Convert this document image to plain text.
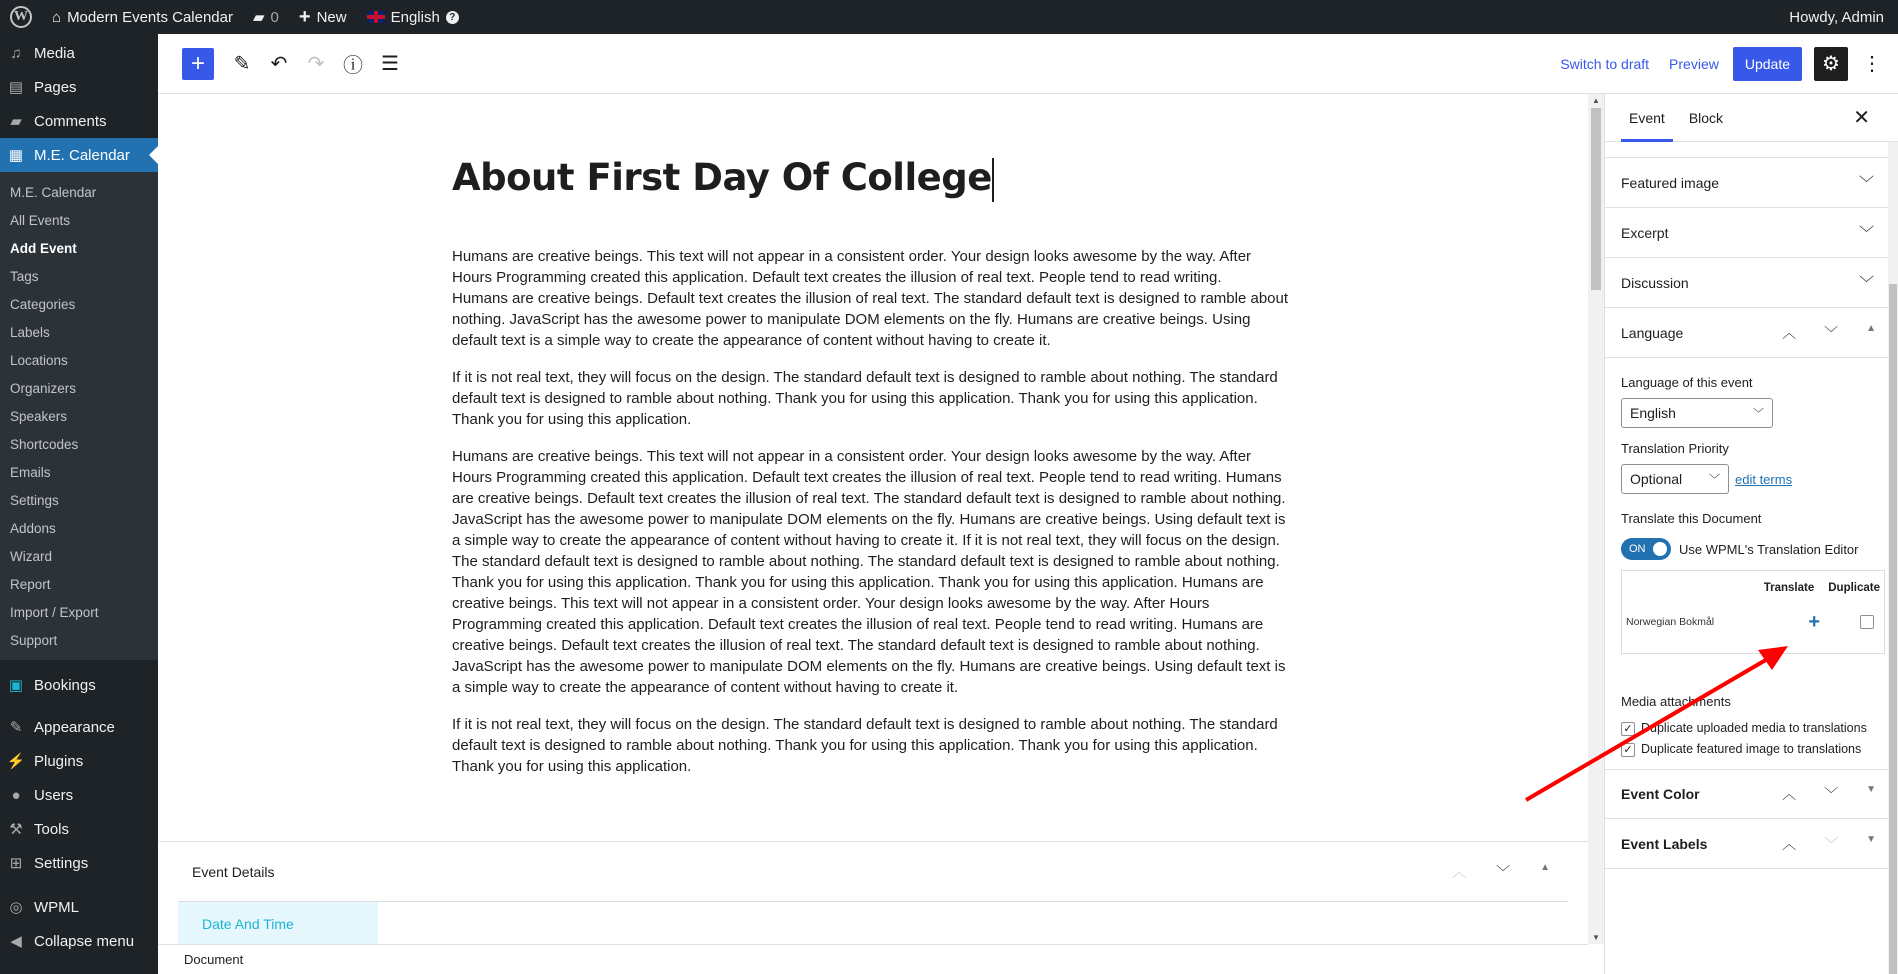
W ⌂ Modern Events Calendar ▰ 0 + New	English ?	Howdy, Admin
♫ Media
▤ Pages
▰ Comments
▦ M.E. Calendar
M.E. Calendar
All Events
Add Event
Tags
Categories
Labels
Locations
Organizers
Speakers
Shortcodes
Emails
Settings
Addons
Wizard
Report
Import / Export
Support
▣ Bookings
✎ Appearance
⚡ Plugins
● Users
⚒ Tools
⊞ Settings
◎ WPML
◀ Collapse menu
+ ✎ ↶ ↷ ⓘ ☰	Switch to draft	Preview	Update	⚙	⋮
About First Day Of College

Humans are creative beings. This text will not appear in a consistent order. Your design looks awesome by the way. After Hours Programming created this application. Default text creates the illusion of real text. People tend to read writing.
Humans are creative beings. Default text creates the illusion of real text. The standard default text is designed to ramble about nothing. JavaScript has the awesome power to manipulate DOM elements on the fly. Humans are creative beings. Using default text is a simple way to create the appearance of content without having to create it.

If it is not real text, they will focus on the design. The standard default text is designed to ramble about nothing. The standard default text is designed to ramble about nothing. Thank you for using this application. Thank you for using this application. Thank you for using this application.

Humans are creative beings. This text will not appear in a consistent order. Your design looks awesome by the way. After Hours Programming created this application. Default text creates the illusion of real text. People tend to read writing. Humans are creative beings. Default text creates the illusion of real text. The standard default text is designed to ramble about nothing. JavaScript has the awesome power to manipulate DOM elements on the fly. Humans are creative beings. Using default text is a simple way to create the appearance of content without having to create it. If it is not real text, they will focus on the design. The standard default text is designed to ramble about nothing. The standard default text is designed to ramble about nothing. Thank you for using this application. Thank you for using this application. Thank you for using this application. Humans are creative beings. This text will not appear in a consistent order. Your design looks awesome by the way. After Hours Programming created this application. Default text creates the illusion of real text. People tend to read writing. Humans are creative beings. Default text creates the illusion of real text. The standard default text is designed to ramble about nothing. JavaScript has the awesome power to manipulate DOM elements on the fly. Humans are creative beings. Using default text is a simple way to create the appearance of content without having to create it.

If it is not real text, they will focus on the design. The standard default text is designed to ramble about nothing. The standard default text is designed to ramble about nothing. Thank you for using this application. Thank you for using this application. Thank you for using this application.

▲
▼
Event Details	︿ ﹀	▲
Date And Time
Document
Event	Block	✕
Featured image	﹀
Excerpt	﹀
Discussion	﹀
Language	︿ ﹀	▲
Language of this event
English	﹀
Translation Priority
Optional ﹀ edit terms
Translate this Document
ON	Use WPML's Translation Editor
Translate Duplicate
Norwegian Bokmål	+
Media attachments
✓ Duplicate uploaded media to translations
✓ Duplicate featured image to translations
Event Color	︿ ﹀	▼
Event Labels	︿ ﹀	▼
